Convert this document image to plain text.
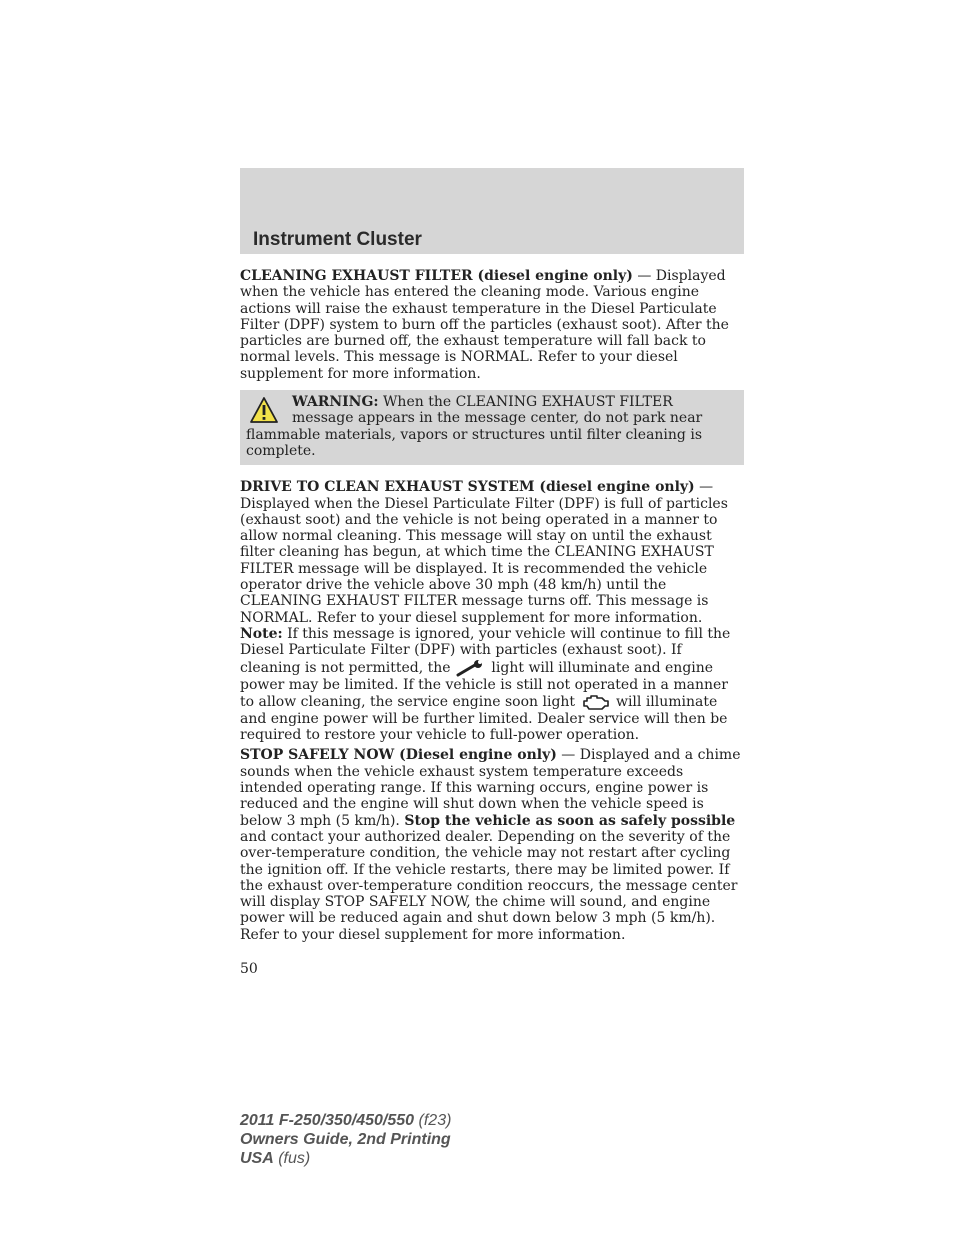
Instrument Cluster

CLEANING EXHAUST FILTER (diesel engine only) — Displayed when the vehicle has entered the cleaning mode. Various engine actions will raise the exhaust temperature in the Diesel Particulate Filter (DPF) system to burn off the particles (exhaust soot). After the particles are burned off, the exhaust temperature will fall back to normal levels. This message is NORMAL. Refer to your diesel supplement for more information.

WARNING: When the CLEANING EXHAUST FILTER message appears in the message center, do not park near flammable materials, vapors or structures until filter cleaning is complete.

DRIVE TO CLEAN EXHAUST SYSTEM (diesel engine only) — Displayed when the Diesel Particulate Filter (DPF) is full of particles (exhaust soot) and the vehicle is not being operated in a manner to allow normal cleaning. This message will stay on until the exhaust filter cleaning has begun, at which time the CLEANING EXHAUST FILTER message will be displayed. It is recommended the vehicle operator drive the vehicle above 30 mph (48 km/h) until the CLEANING EXHAUST FILTER message turns off. This message is NORMAL. Refer to your diesel supplement for more information.

Note: If this message is ignored, your vehicle will continue to fill the Diesel Particulate Filter (DPF) with particles (exhaust soot). If cleaning is not permitted, the  light will illuminate and engine power may be limited. If the vehicle is still not operated in a manner to allow cleaning, the service engine soon light  will illuminate and engine power will be further limited. Dealer service will then be required to restore your vehicle to full-power operation.

STOP SAFELY NOW (Diesel engine only) — Displayed and a chime sounds when the vehicle exhaust system temperature exceeds intended operating range. If this warning occurs, engine power is reduced and the engine will shut down when the vehicle speed is below 3 mph (5 km/h). Stop the vehicle as soon as safely possible and contact your authorized dealer. Depending on the severity of the over-temperature condition, the vehicle may not restart after cycling the ignition off. If the vehicle restarts, there may be limited power. If the exhaust over-temperature condition reoccurs, the message center will display STOP SAFELY NOW, the chime will sound, and engine power will be reduced again and shut down below 3 mph (5 km/h). Refer to your diesel supplement for more information.

50
2011 F-250/350/450/550 (f23)
Owners Guide, 2nd Printing
USA (fus)
